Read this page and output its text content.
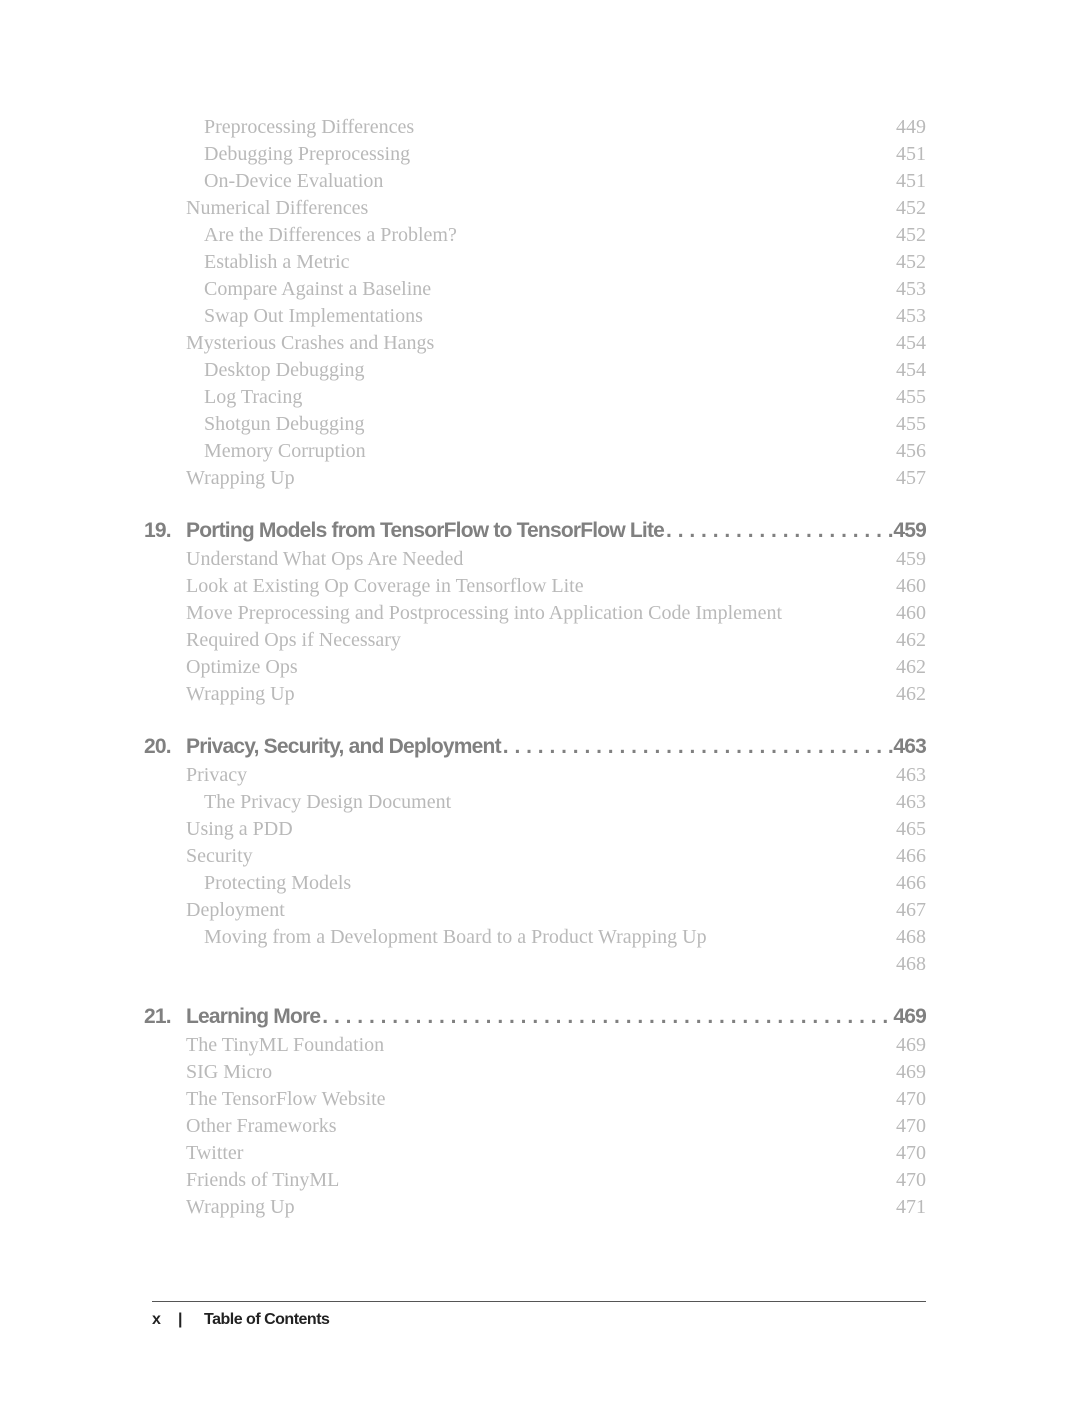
Preprocessing Differences	449
Debugging Preprocessing	451
On-Device Evaluation	451
Numerical Differences	452
Are the Differences a Problem?	452
Establish a Metric	452
Compare Against a Baseline	453
Swap Out Implementations	453
Mysterious Crashes and Hangs	454
Desktop Debugging	454
Log Tracing	455
Shotgun Debugging	455
Memory Corruption	456
Wrapping Up	457
19. Porting Models from TensorFlow to TensorFlow Lite . . .	459
Understand What Ops Are Needed	459
Look at Existing Op Coverage in Tensorflow Lite	460
Move Preprocessing and Postprocessing into Application Code Implement	460
Required Ops if Necessary	462
Optimize Ops	462
Wrapping Up	462
20. Privacy, Security, and Deployment . . .	463
Privacy	463
The Privacy Design Document	463
Using a PDD	465
Security	466
Protecting Models	466
Deployment	467
Moving from a Development Board to a Product Wrapping Up	468
468
21. Learning More . . .	469
The TinyML Foundation	469
SIG Micro	469
The TensorFlow Website	470
Other Frameworks	470
Twitter	470
Friends of TinyML	470
Wrapping Up	471
x | Table of Contents
